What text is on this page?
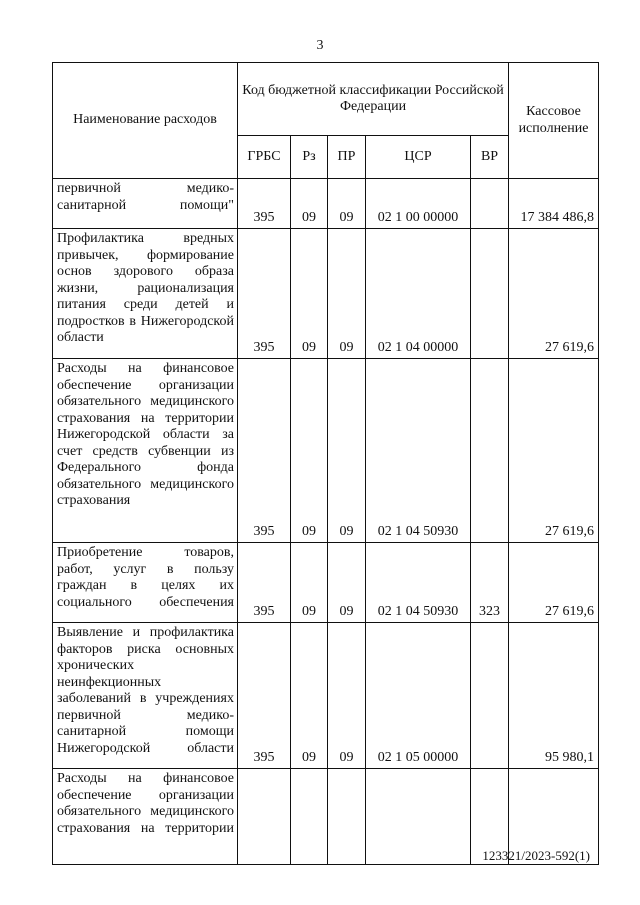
3
Наименование расходов	Код бюджетной классификации Российской Федерации					Кассовое исполнение
	ГРБС	Рз	ПР	ЦСР	ВР	
первичной медико-санитарной помощи"	395	09	09	02 1 00 00000		17 384 486,8
Профилактика вредных привычек, формирование основ здорового образа жизни, рационализация питания среди детей и подростков в Нижегородской области	395	09	09	02 1 04 00000		27 619,6
Расходы на финансовое обеспечение организации обязательного медицинского страхования на территории Нижегородской области за счет средств субвенции из Федерального фонда обязательного медицинского страхования	395	09	09	02 1 04 50930		27 619,6
Приобретение товаров, работ, услуг в пользу граждан в целях их социального обеспечения	395	09	09	02 1 04 50930	323	27 619,6
Выявление и профилактика факторов риска основных хронических неинфекционных заболеваний в учреждениях первичной медико-санитарной помощи Нижегородской области	395	09	09	02 1 05 00000		95 980,1
Расходы на финансовое обеспечение организации обязательного медицинского страхования на территории						
123321/2023-592(1)
